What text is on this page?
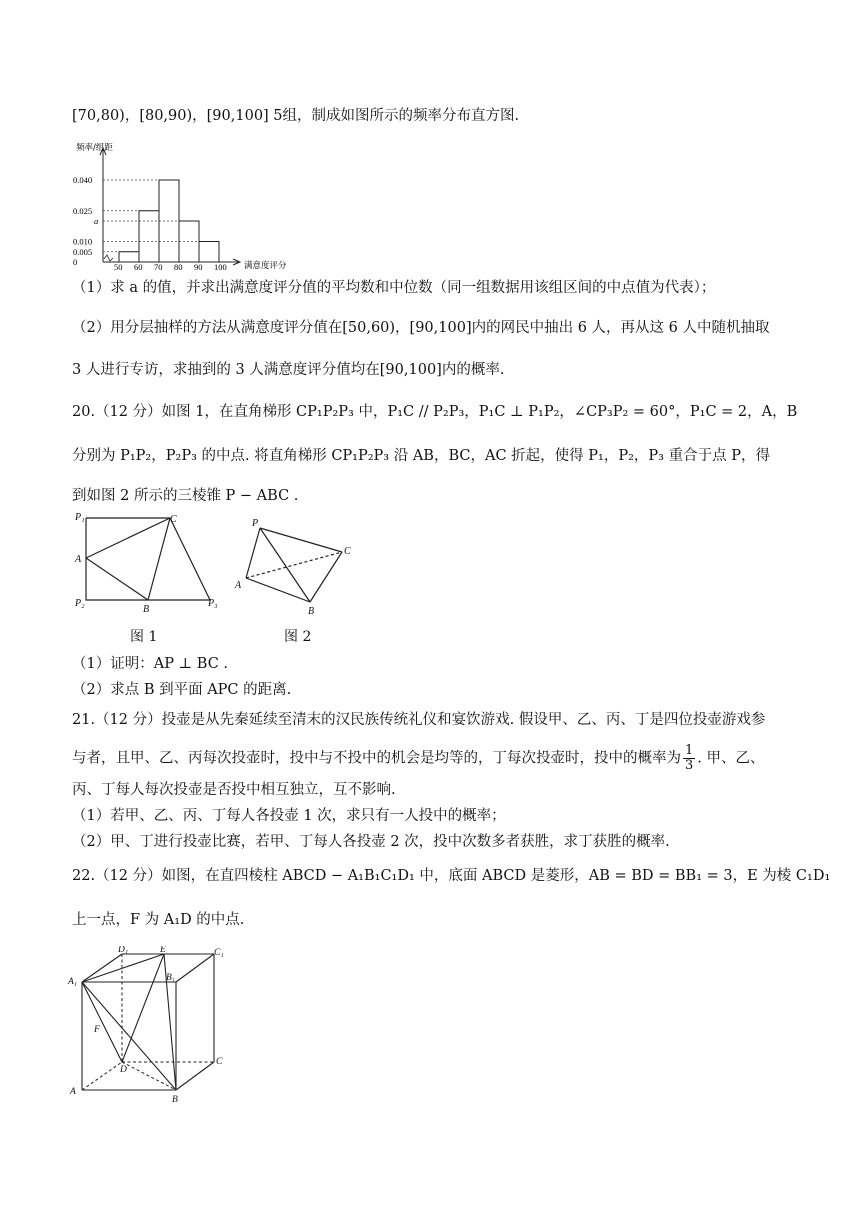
[70,80)，[80,90)，[90,100] 5组，制成如图所示的频率分布直方图.
0.040
0.025
a
0.010
0.005
0	50 60 70 80 90 100
频率/组距
满意度评分
（1）求 a 的值，并求出满意度评分值的平均数和中位数（同一组数据用该组区间的中点值为代表）；
（2）用分层抽样的方法从满意度评分值在[50,60)，[90,100]内的网民中抽出 6 人，再从这 6 人中随机抽取
3 人进行专访，求抽到的 3 人满意度评分值均在[90,100]内的概率.
20.（12 分）如图 1，在直角梯形 CP₁P₂P₃ 中，P₁C // P₂P₃，P₁C ⊥ P₁P₂，∠CP₃P₂ = 60°，P₁C = 2，A，B
分别为 P₁P₂，P₂P₃ 的中点. 将直角梯形 CP₁P₂P₃ 沿 AB，BC，AC 折起，使得 P₁，P₂，P₃ 重合于点 P，得
到如图 2 所示的三棱锥 P − ABC .
P₁	C
A
P₂
B
P₃
图 1
P
C
A
B
图 2
（1）证明：AP ⊥ BC .
（2）求点 B 到平面 APC 的距离.
21.（12 分）投壶是从先秦延续至清末的汉民族传统礼仪和宴饮游戏. 假设甲、乙、丙、丁是四位投壶游戏参
与者，且甲、乙、丙每次投壶时，投中与不投中的机会是均等的，丁每次投壶时，投中的概率为 $\frac{1}{3}$ . 甲、乙、
丙、丁每人每次投壶是否投中相互独立，互不影响.
（1）若甲、乙、丙、丁每人各投壶 1 次，求只有一人投中的概率；
（2）甲、丁进行投壶比赛，若甲、丁每人各投壶 2 次，投中次数多者获胜，求丁获胜的概率.
22.（12 分）如图，在直四棱柱 ABCD − A₁B₁C₁D₁ 中，底面 ABCD 是菱形，AB = BD = BB₁ = 3，E 为棱 C₁D₁
上一点，F 为 A₁D 的中点.
D₁	E	C₁
B₁
A₁
F
D
C
A
B
